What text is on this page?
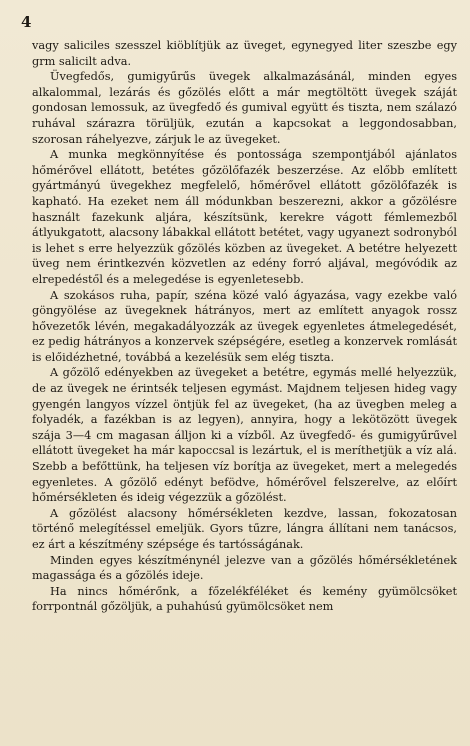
4

vagy saliciles szesszel kiöblítjük az üveget, egynegyed liter szeszbe egy grm salicilt adva.

Üvegfedős, gumigyűrűs üvegek alkalmazásánál, minden egyes alkalommal, lezárás és gőzölés előtt a már megtöltött üvegek száját gondosan lemossuk, az üvegfedő és gumival együtt és tiszta, nem szálazó ruhával szárazra törüljük, ezután a kapcsokat a leggondosabban, szorosan ráhelyezve, zárjuk le az üvegeket.

A munka megkönnyítése és pontossága szempontjából ajánlatos hőmérővel ellátott, betétes gőzölőfazék beszerzése. Az előbb említett gyártmányú üvegekhez megfelelő, hőmérővel ellátott gőzölőfazék is kapható. Ha ezeket nem áll módunkban beszerezni, akkor a gőzölésre használt fazekunk aljára, készítsünk, kerekre vágott fémlemezből átlyukgatott, alacsony lábakkal ellátott betétet, vagy ugyanezt sodronyból is lehet s erre helyezzük gőzölés közben az üvegeket. A betétre helyezett üveg nem érintkezvén közvetlen az edény forró aljával, megóvódik az elrepedéstől és a melegedése is egyenletesebb.

A szokásos ruha, papír, széna közé való ágyazása, vagy ezekbe való göngyölése az üvegeknek hátrányos, mert az említett anyagok rossz hővezetők lévén, megakadályozzák az üvegek egyenletes átmelegedését, ez pedig hátrányos a konzervek szépségére, esetleg a konzervek romlását is előidézhetné, továbbá a kezelésük sem elég tiszta.

A gőzölő edényekben az üvegeket a betétre, egymás mellé helyezzük, de az üvegek ne érintsék teljesen egymást. Majdnem teljesen hideg vagy gyengén langyos vízzel öntjük fel az üvegeket, (ha az üvegben meleg a folyadék, a fazékban is az legyen), annyira, hogy a lekötözött üvegek szája 3—4 cm magasan álljon ki a vízből. Az üvegfedő- és gumigyűrűvel ellátott üvegeket ha már kapoccsal is lezártuk, el is meríthetjük a víz alá. Szebb a befőttünk, ha teljesen víz borítja az üvegeket, mert a melegedés egyenletes. A gőzölő edényt befödve, hőmérővel felszerelve, az előírt hőmérsékleten és ideig végezzük a gőzölést.

A gőzölést alacsony hőmérsékleten kezdve, lassan, fokozatosan történő melegítéssel emeljük. Gyors tűzre, lángra állítani nem tanácsos, ez árt a készítmény szépsége és tartósságának.

Minden egyes készítménynél jelezve van a gőzölés hőmérsékletének magassága és a gőzölés ideje.

Ha nincs hőmérőnk, a főzelékféléket és kemény gyümölcsöket forrpontnál gőzöljük, a puhahúsú gyümölcsöket nem
